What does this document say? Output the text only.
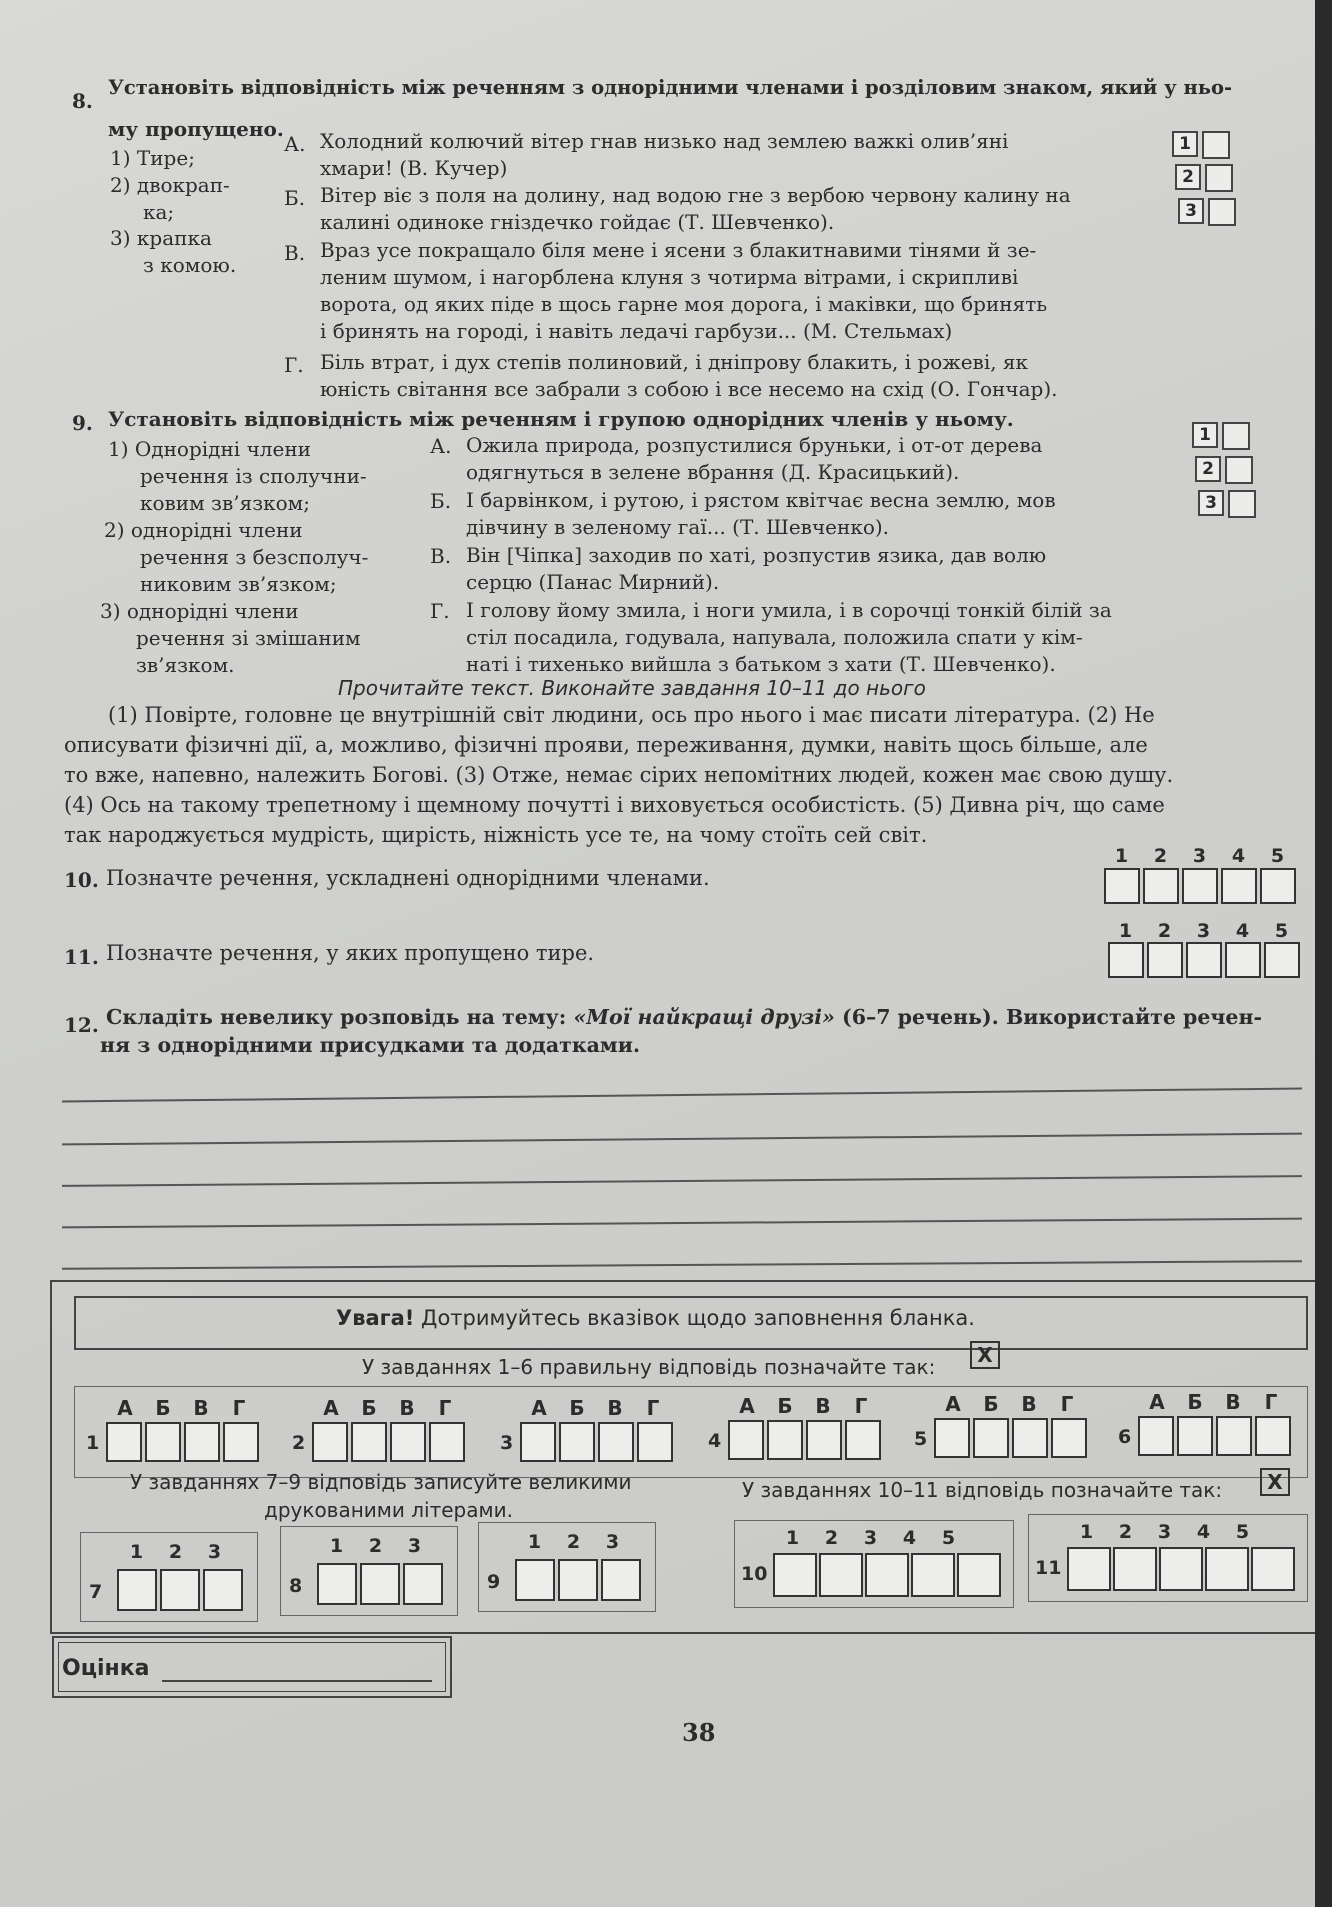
8.
Установіть відповідність між реченням з однорідними членами і розділовим знаком, який у ньо-
му пропущено.
1) Тире;
2) двокрап-
ка;
3) крапка
з комою.
А. Холодний колючий вітер гнав низько над землею важкі олив’яні
хмари! (В. Кучер)
Б. Вітер віє з поля на долину, над водою гне з вербою червону калину на
калині одиноке гніздечко гойдає (Т. Шевченко).
В. Враз усе покращало біля мене і ясени з блакитнавими тінями й зе-
леним шумом, і нагорблена клуня з чотирма вітрами, і скрипливі
ворота, од яких піде в щось гарне моя дорога, і маківки, що бринять
і бринять на городі, і навіть ледачі гарбузи... (М. Стельмах)
Г. Біль втрат, і дух степів полиновий, і дніпрову блакить, і рожеві, як
юність світання все забрали з собою і все несемо на схід (О. Гончар).
1
2
3
9. Установіть відповідність між реченням і групою однорідних членів у ньому.
1) Однорідні члени
речення із сполучни-
ковим зв’язком;
2) однорідні члени
речення з безсполуч-
никовим зв’язком;
3) однорідні члени
речення зі змішаним
зв’язком.
А. Ожила природа, розпустилися бруньки, і от-от дерева
одягнуться в зелене вбрання (Д. Красицький).
Б. І барвінком, і рутою, і рястом квітчає весна землю, мов
дівчину в зеленому гаї... (Т. Шевченко).
В. Він [Чіпка] заходив по хаті, розпустив язика, дав волю
серцю (Панас Мирний).
Г. І голову йому змила, і ноги умила, і в сорочці тонкій білій за
стіл посадила, годувала, напувала, положила спати у кім-
наті і тихенько вийшла з батьком з хати (Т. Шевченко).
1
2
3
Прочитайте текст. Виконайте завдання 10–11 до нього
(1) Повірте, головне це внутрішній світ людини, ось про нього і має писати література. (2) Не
описувати фізичні дії, а, можливо, фізичні прояви, переживання, думки, навіть щось більше, але
то вже, напевно, належить Богові. (3) Отже, немає сірих непомітних людей, кожен має свою душу.
(4) Ось на такому трепетному і щемному почутті і виховується особистість. (5) Дивна річ, що саме
так народжується мудрість, щирість, ніжність усе те, на чому стоїть сей світ.
10. Позначте речення, ускладнені однорідними членами.
1	2	3	4	5
11. Позначте речення, у яких пропущено тире.
1	2	3	4	5
12. Складіть невелику розповідь на тему: «Мої найкращі друзі» (6–7 речень). Використайте речен-
ня з однорідними присудками та додатками.
Увага! Дотримуйтесь вказівок щодо заповнення бланка.
У завданнях 1–6 правильну відповідь позначайте так:	X
А	Б	В	Г
1
А	Б	В	Г
2
А	Б	В	Г
3
А	Б	В	Г
4
А	Б	В	Г
5
А	Б	В	Г
6
У завданнях 7–9 відповідь записуйте великими
друкованими літерами.
У завданнях 10–11 відповідь позначайте так:	X
1	2	3
7
1	2	3
8
1	2	3
9
1	2	3	4	5
10
1	2	3	4	5
11
Оцінка
38
